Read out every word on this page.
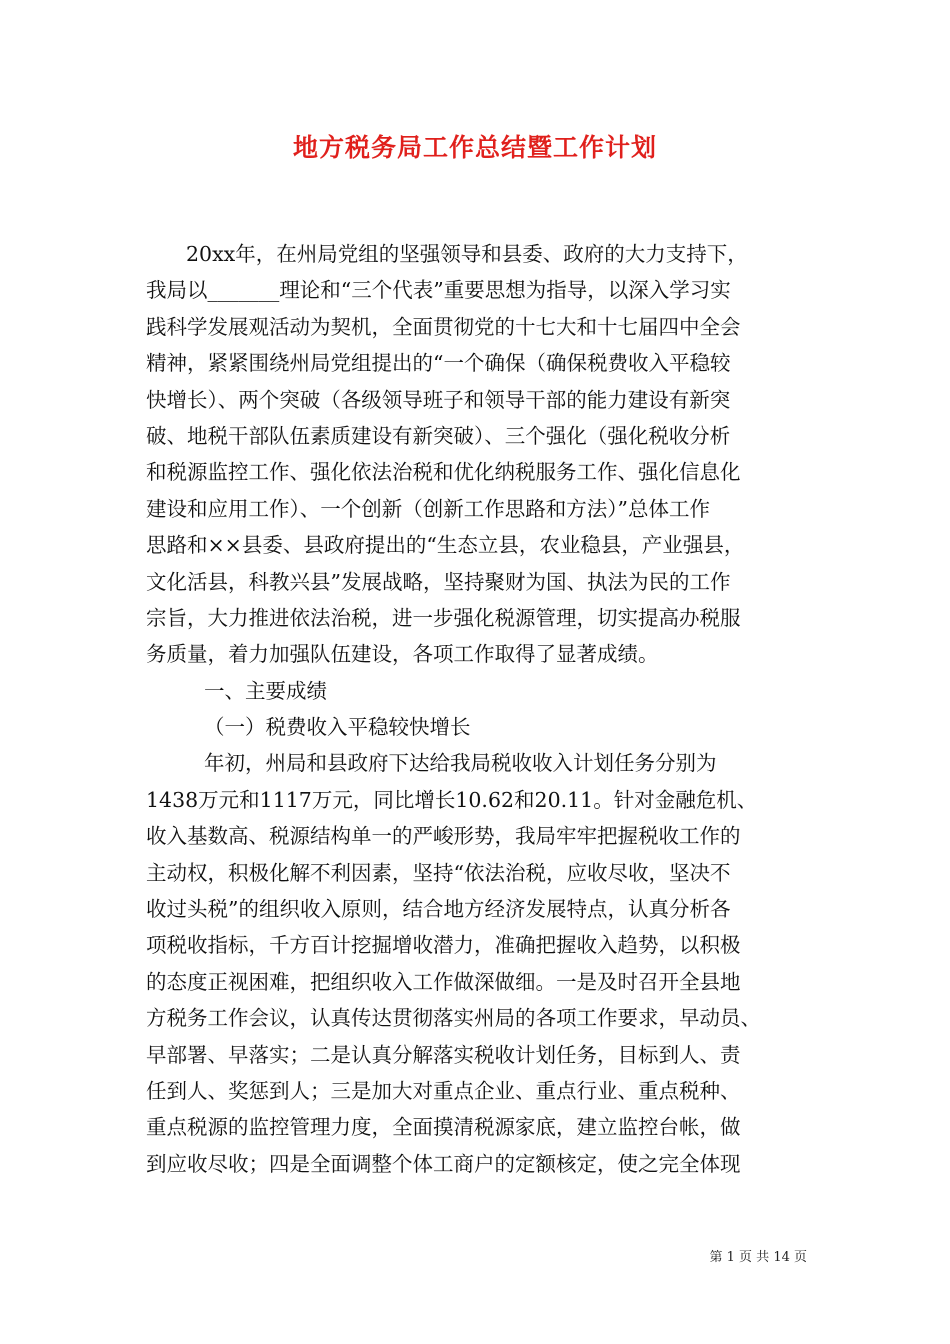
地方税务局工作总结暨工作计划
20xx年，在州局党组的坚强领导和县委、政府的大力支持下，
我局以_______理论和“三个代表”重要思想为指导，以深入学习实
践科学发展观活动为契机，全面贯彻党的十七大和十七届四中全会
精神，紧紧围绕州局党组提出的“一个确保（确保税费收入平稳较
快增长）、两个突破（各级领导班子和领导干部的能力建设有新突
破、地税干部队伍素质建设有新突破）、三个强化（强化税收分析
和税源监控工作、强化依法治税和优化纳税服务工作、强化信息化
建设和应用工作）、一个创新（创新工作思路和方法）”总体工作
思路和××县委、县政府提出的“生态立县，农业稳县，产业强县，
文化活县，科教兴县”发展战略，坚持聚财为国、执法为民的工作
宗旨，大力推进依法治税，进一步强化税源管理，切实提高办税服
务质量，着力加强队伍建设，各项工作取得了显著成绩。
一、主要成绩
（一）税费收入平稳较快增长
年初，州局和县政府下达给我局税收收入计划任务分别为
1438万元和1117万元，同比增长10.62和20.11。针对金融危机、
收入基数高、税源结构单一的严峻形势，我局牢牢把握税收工作的
主动权，积极化解不利因素，坚持“依法治税，应收尽收，坚决不
收过头税”的组织收入原则，结合地方经济发展特点，认真分析各
项税收指标，千方百计挖掘增收潜力，准确把握收入趋势，以积极
的态度正视困难，把组织收入工作做深做细。一是及时召开全县地
方税务工作会议，认真传达贯彻落实州局的各项工作要求，早动员、
早部署、早落实；二是认真分解落实税收计划任务，目标到人、责
任到人、奖惩到人；三是加大对重点企业、重点行业、重点税种、
重点税源的监控管理力度，全面摸清税源家底，建立监控台帐，做
到应收尽收；四是全面调整个体工商户的定额核定，使之完全体现
第 1 页 共 14 页
